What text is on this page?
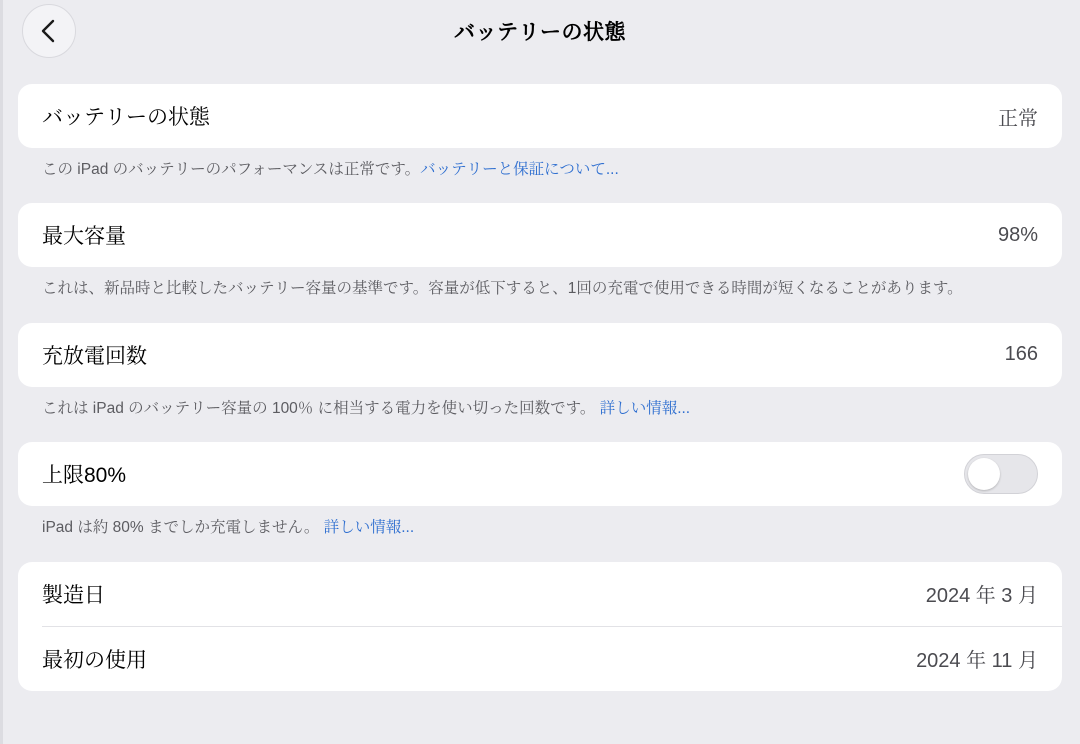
バッテリーの状態
バッテリーの状態	正常
この iPad のバッテリーのパフォーマンスは正常です。バッテリーと保証について...
最大容量	98%
これは、新品時と比較したバッテリー容量の基準です。容量が低下すると、1回の充電で使用できる時間が短くなることがあります。
充放電回数	166
これは iPad のバッテリー容量の 100％ に相当する電力を使い切った回数です。 詳しい情報...
上限80%
iPad は約 80% までしか充電しません。 詳しい情報...
製造日	2024 年 3 月
最初の使用	2024 年 11 月
